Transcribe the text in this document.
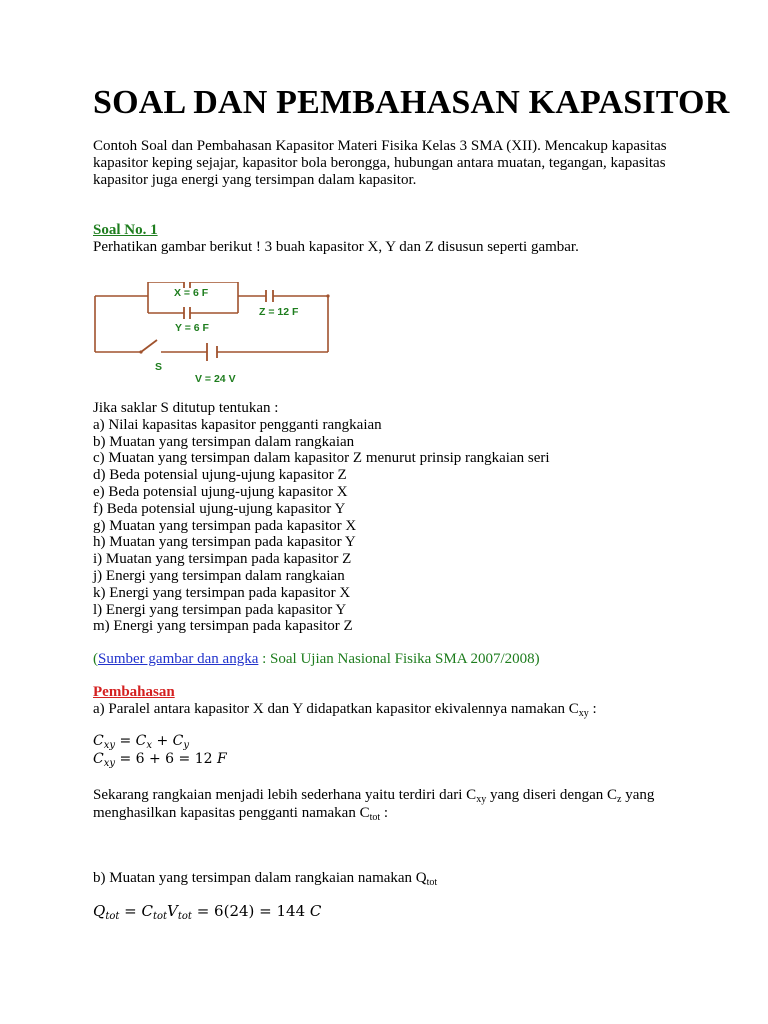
SOAL DAN PEMBAHASAN KAPASITOR

Contoh Soal dan Pembahasan Kapasitor Materi Fisika Kelas 3 SMA (XII). Mencakup kapasitas kapasitor keping sejajar, kapasitor bola berongga, hubungan antara muatan, tegangan, kapasitas kapasitor juga energi yang tersimpan dalam kapasitor.

Soal No. 1
Perhatikan gambar berikut ! 3 buah kapasitor X, Y dan Z disusun seperti gambar.
X = 6 F
Y = 6 F
Z = 12 F
S
V = 24 V
Jika saklar S ditutup tentukan :
a) Nilai kapasitas kapasitor pengganti rangkaian
b) Muatan yang tersimpan dalam rangkaian
c) Muatan yang tersimpan dalam kapasitor Z menurut prinsip rangkaian seri
d) Beda potensial ujung-ujung kapasitor Z
e) Beda potensial ujung-ujung kapasitor X
f) Beda potensial ujung-ujung kapasitor Y
g) Muatan yang tersimpan pada kapasitor X
h) Muatan yang tersimpan pada kapasitor Y
i) Muatan yang tersimpan pada kapasitor Z
j) Energi yang tersimpan dalam rangkaian
k) Energi yang tersimpan pada kapasitor X
l) Energi yang tersimpan pada kapasitor Y
m) Energi yang tersimpan pada kapasitor Z
(Sumber gambar dan angka : Soal Ujian Nasional Fisika SMA 2007/2008)
Pembahasan
a) Paralel antara kapasitor X dan Y didapatkan kapasitor ekivalennya namakan $C_{xy}$ :
$C_{xy} = C_x + C_y$
$C_{xy} = 6 + 6 = 12$ F
Sekarang rangkaian menjadi lebih sederhana yaitu terdiri dari $C_{xy}$ yang diseri dengan $C_z$ yang menghasilkan kapasitas pengganti namakan $C_{tot}$ :
b) Muatan yang tersimpan dalam rangkaian namakan $Q_{tot}$
$Q_{tot} = C_{tot}V_{tot} = 6(24) = 144$ C
